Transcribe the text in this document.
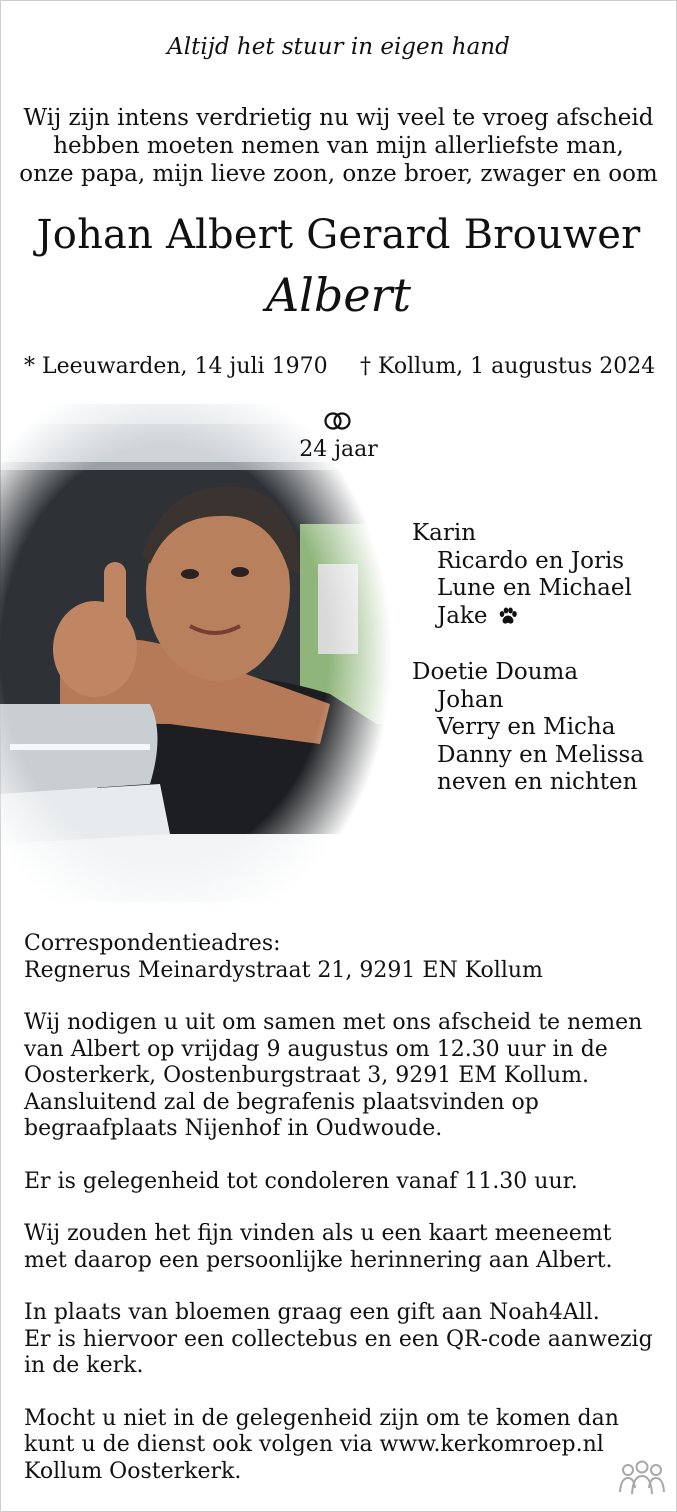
Altijd het stuur in eigen hand
Wij zijn intens verdrietig nu wij veel te vroeg afscheid
hebben moeten nemen van mijn allerliefste man,
onze papa, mijn lieve zoon, onze broer, zwager en oom
Johan Albert Gerard Brouwer
Albert
* Leeuwarden, 14 juli 1970 † Kollum, 1 augustus 2024
24 jaar
Karin
Ricardo en Joris
Lune en Michael
Jake
Doetie Douma
Johan
Verry en Micha
Danny en Melissa
neven en nichten
Correspondentieadres:
Regnerus Meinardystraat 21, 9291 EN Kollum
Wij nodigen u uit om samen met ons afscheid te nemen
van Albert op vrijdag 9 augustus om 12.30 uur in de
Oosterkerk, Oostenburgstraat 3, 9291 EM Kollum.
Aansluitend zal de begrafenis plaatsvinden op
begraafplaats Nijenhof in Oudwoude.
Er is gelegenheid tot condoleren vanaf 11.30 uur.
Wij zouden het fijn vinden als u een kaart meeneemt
met daarop een persoonlijke herinnering aan Albert.
In plaats van bloemen graag een gift aan Noah4All.
Er is hiervoor een collectebus en een QR-code aanwezig
in de kerk.
Mocht u niet in de gelegenheid zijn om te komen dan
kunt u de dienst ook volgen via www.kerkomroep.nl
Kollum Oosterkerk.
